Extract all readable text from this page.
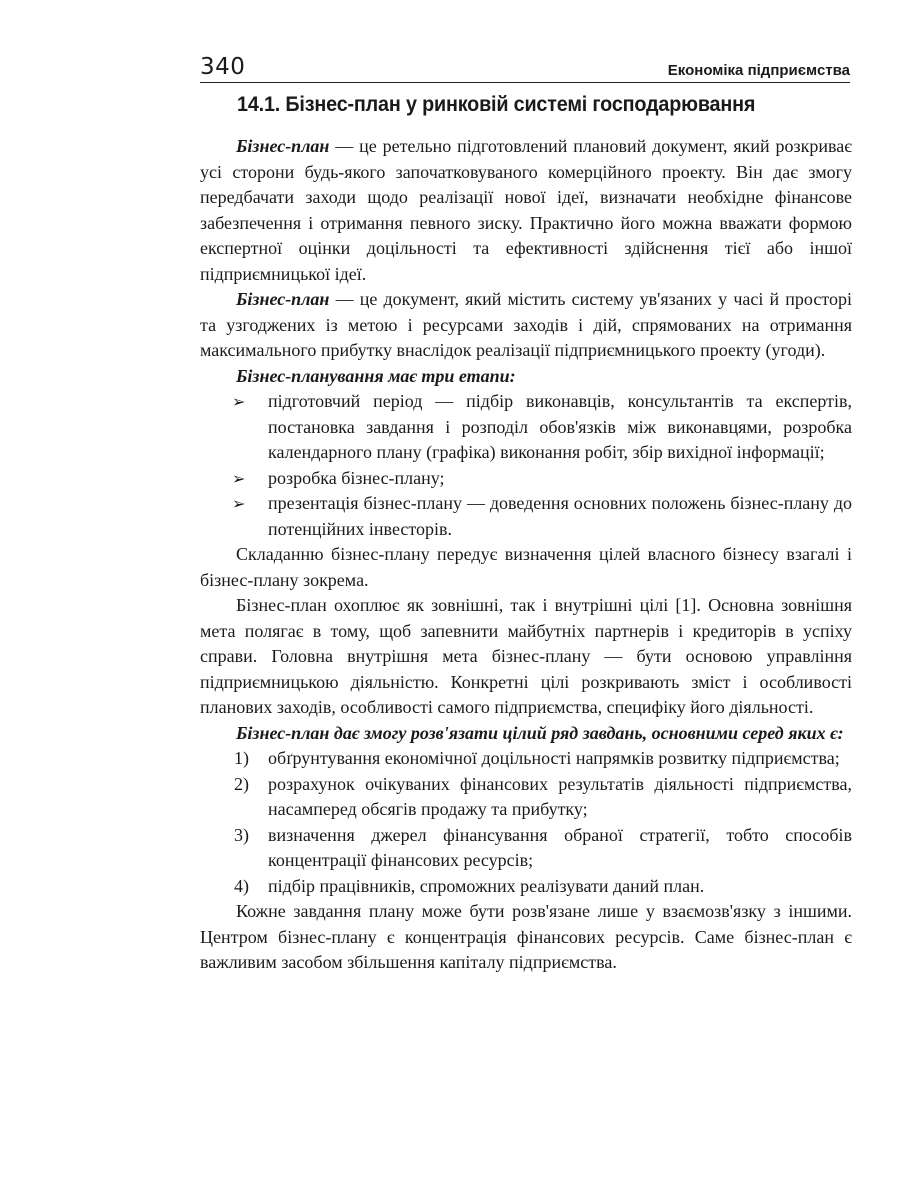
340	Економіка підприємства
14.1. Бізнес-план у ринковій системі господарювання

Бізнес-план — це ретельно підготовлений плановий документ, який розкриває усі сторони будь-якого започатковуваного комерційного проекту. Він дає змогу передбачати заходи щодо реалізації нової ідеї, визначати необхідне фінансове забезпечення і отримання певного зиску. Практично його можна вважати формою експертної оцінки доцільності та ефективності здійснення тієї або іншої підприємницької ідеї.

Бізнес-план — це документ, який містить систему ув'язаних у часі й просторі та узгоджених із метою і ресурсами заходів і дій, спрямованих на отримання максимального прибутку внаслідок реалізації підприємницького проекту (угоди).

Бізнес-планування має три етапи:

➢ підготовчий період — підбір виконавців, консультантів та експертів, постановка завдання і розподіл обов'язків між виконавцями, розробка календарного плану (графіка) виконання робіт, збір вихідної інформації;
➢ розробка бізнес-плану;
➢ презентація бізнес-плану — доведення основних положень бізнес-плану до потенційних інвесторів.

Складанню бізнес-плану передує визначення цілей власного бізнесу взагалі і бізнес-плану зокрема.

Бізнес-план охоплює як зовнішні, так і внутрішні цілі [1]. Основна зовнішня мета полягає в тому, щоб запевнити майбутніх партнерів і кредиторів в успіху справи. Головна внутрішня мета бізнес-плану — бути основою управління підприємницькою діяльністю. Конкретні цілі розкривають зміст і особливості планових заходів, особливості самого підприємства, специфіку його діяльності.

Бізнес-план дає змогу розв'язати цілий ряд завдань, основними серед яких є:

1) обґрунтування економічної доцільності напрямків розвитку підприємства;
2) розрахунок очікуваних фінансових результатів діяльності підприємства, насамперед обсягів продажу та прибутку;
3) визначення джерел фінансування обраної стратегії, тобто способів концентрації фінансових ресурсів;
4) підбір працівників, спроможних реалізувати даний план.

Кожне завдання плану може бути розв'язане лише у взаємозв'язку з іншими. Центром бізнес-плану є концентрація фінансових ресурсів. Саме бізнес-план є важливим засобом збільшення капіталу підприємства.
